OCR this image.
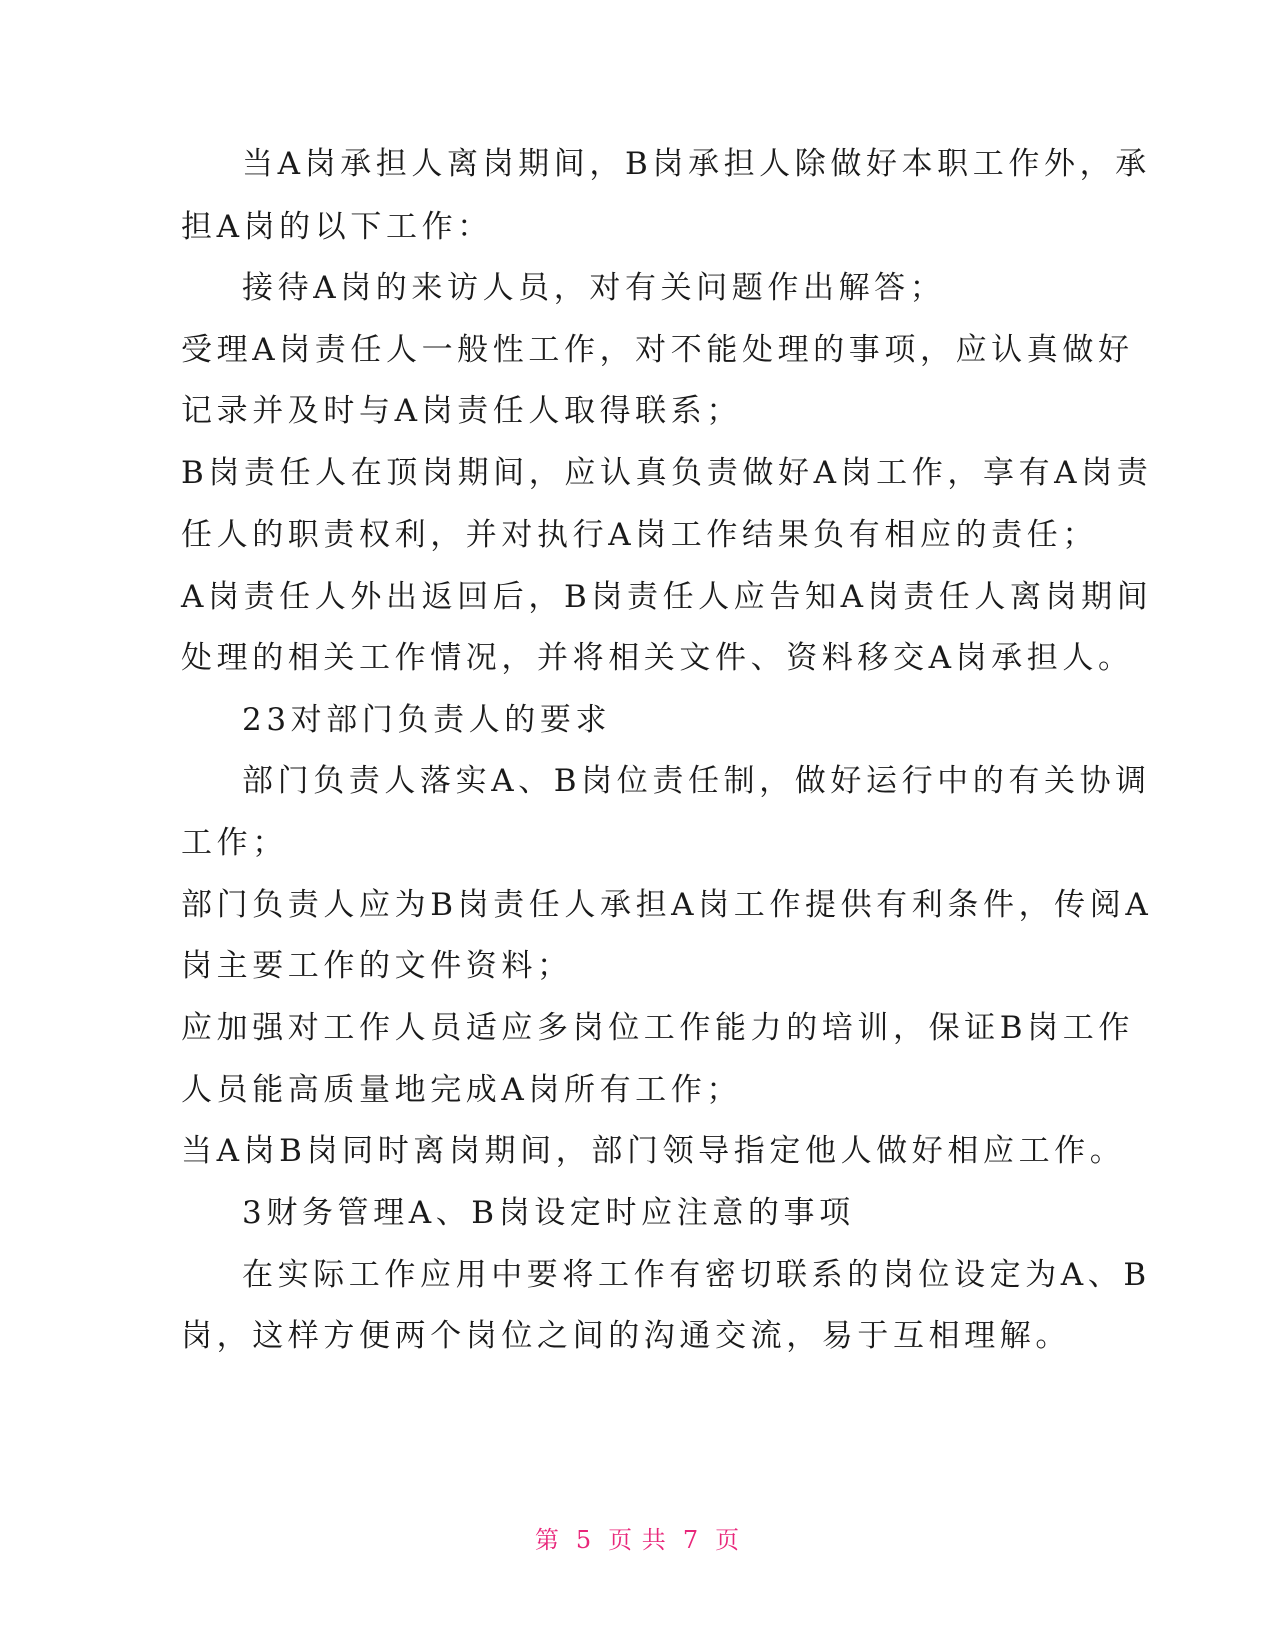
当A岗承担人离岗期间，B岗承担人除做好本职工作外，承
担A岗的以下工作：
接待A岗的来访人员，对有关问题作出解答；
受理A岗责任人一般性工作，对不能处理的事项，应认真做好
记录并及时与A岗责任人取得联系；
B岗责任人在顶岗期间，应认真负责做好A岗工作，享有A岗责
任人的职责权利，并对执行A岗工作结果负有相应的责任；
A岗责任人外出返回后，B岗责任人应告知A岗责任人离岗期间
处理的相关工作情况，并将相关文件、资料移交A岗承担人。
23对部门负责人的要求
部门负责人落实A、B岗位责任制，做好运行中的有关协调
工作；
部门负责人应为B岗责任人承担A岗工作提供有利条件，传阅A
岗主要工作的文件资料；
应加强对工作人员适应多岗位工作能力的培训，保证B岗工作
人员能高质量地完成A岗所有工作；
当A岗B岗同时离岗期间，部门领导指定他人做好相应工作。
3财务管理A、B岗设定时应注意的事项
在实际工作应用中要将工作有密切联系的岗位设定为A、B
岗，这样方便两个岗位之间的沟通交流，易于互相理解。
第 5 页 共 7 页
